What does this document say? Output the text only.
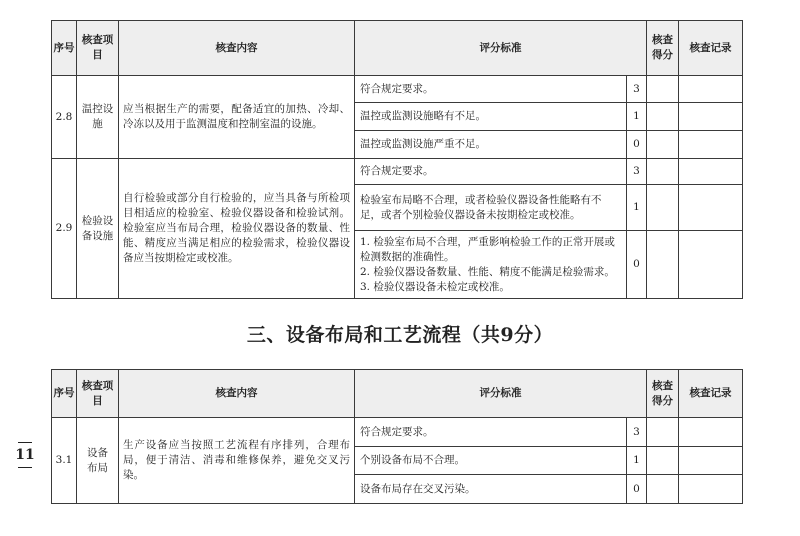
序号	核查项目	核查内容	评分标准		核查得分	核查记录
2.8	温控设施	应当根据生产的需要，配备适宜的加热、冷却、冷冻以及用于监测温度和控制室温的设施。	符合规定要求。	3		
			温控或监测设施略有不足。	1		
			温控或监测设施严重不足。	0		
2.9	检验设备设施	自行检验或部分自行检验的，应当具备与所检项目相适应的检验室、检验仪器设备和检验试剂。检验室应当布局合理，检验仪器设备的数量、性能、精度应当满足相应的检验需求，检验仪器设备应当按期检定或校准。	符合规定要求。	3		
			检验室布局略不合理，或者检验仪器设备性能略有不足，或者个别检验仪器设备未按期检定或校准。	1		

			1. 检验室布局不合理，严重影响检验工作的正常开展或检测数据的准确性。
2. 检验仪器设备数量、性能、精度不能满足检验需求。
3. 检验仪器设备未检定或校准。	0		
三、设备布局和工艺流程（共9分）
序号	核查项目	核查内容	评分标准		核查得分	核查记录
3.1	设备布局	生产设备应当按照工艺流程有序排列，合理布局，便于清洁、消毒和维修保养，避免交叉污染。	符合规定要求。	3		
			个别设备布局不合理。	1		
			设备布局存在交叉污染。	0		
11
